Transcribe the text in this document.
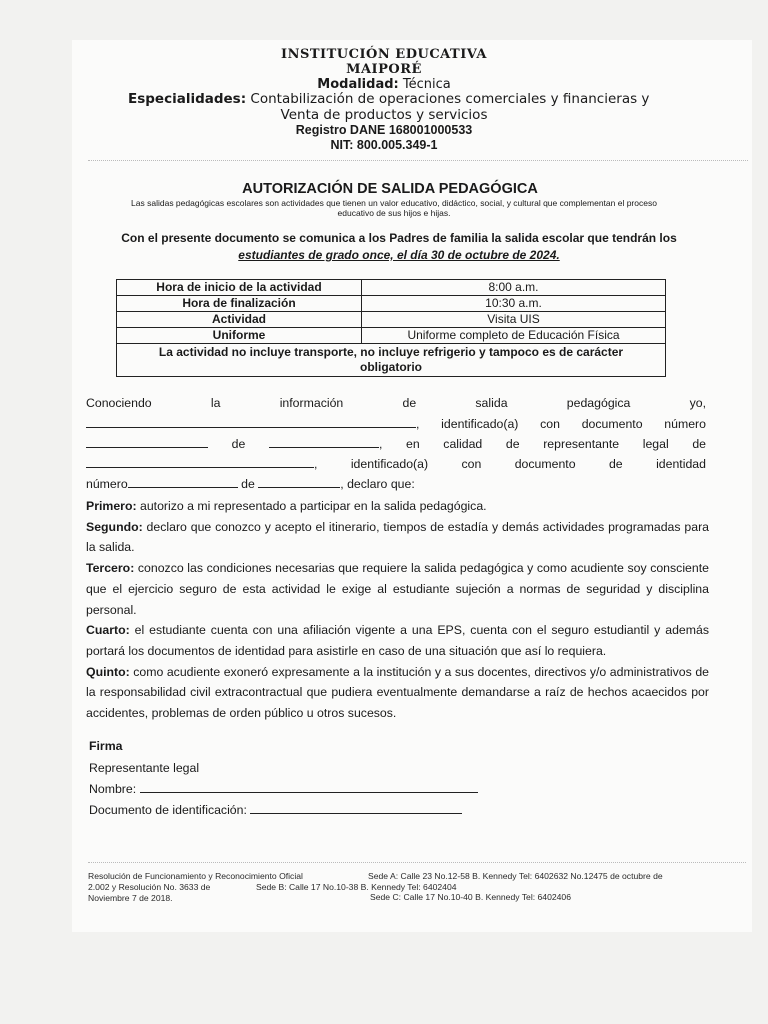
INSTITUCIÓN EDUCATIVA
MAIPORÉ
Modalidad: Técnica
Especialidades: Contabilización de operaciones comerciales y financieras y
Venta de productos y servicios
Registro DANE 168001000533
NIT: 800.005.349-1
AUTORIZACIÓN DE SALIDA PEDAGÓGICA
Las salidas pedagógicas escolares son actividades que tienen un valor educativo, didáctico, social, y cultural que complementan el proceso
educativo de sus hijos e hijas.
Con el presente documento se comunica a los Padres de familia la salida escolar que tendrán los
estudiantes de grado once, el día 30 de octubre de 2024.
Hora de inicio de la actividad	8:00 a.m.
Hora de finalización	10:30 a.m.
Actividad	Visita UIS
Uniforme	Uniforme completo de Educación Física

La actividad no incluye transporte, no incluye refrigerio y tampoco es de carácter
obligatorio	
Conociendo	la	información	de	salida	pedagógica	yo,
, identificado(a) con documento número
de	, en calidad de representante legal de
,	identificado(a)	con	documento	de	identidad
número	de	, declaro que:
Primero: autorizo a mi representado a participar en la salida pedagógica.
Segundo: declaro que conozco y acepto el itinerario, tiempos de estadía y demás actividades programadas para la salida.
Tercero: conozco las condiciones necesarias que requiere la salida pedagógica y como acudiente soy consciente que el ejercicio seguro de esta actividad le exige al estudiante sujeción a normas de seguridad y disciplina personal.
Cuarto: el estudiante cuenta con una afiliación vigente a una EPS, cuenta con el seguro estudiantil y además portará los documentos de identidad para asistirle en caso de una situación que así lo requiera.
Quinto: como acudiente exoneró expresamente a la institución y a sus docentes, directivos y/o administrativos de la responsabilidad civil extracontractual que pudiera eventualmente demandarse a raíz de hechos acaecidos por accidentes, problemas de orden público u otros sucesos.
Firma
Representante legal
Nombre:
Documento de identificación:
Resolución de Funcionamiento y Reconocimiento Oficial
2.002 y Resolución No. 3633 de
Noviembre 7 de 2018.
Sede A: Calle 23 No.12-58 B. Kennedy Tel: 6402632 No.12475 de octubre de
Sede B: Calle 17 No.10-38 B. Kennedy Tel: 6402404
Sede C: Calle 17 No.10-40 B. Kennedy Tel: 6402406
